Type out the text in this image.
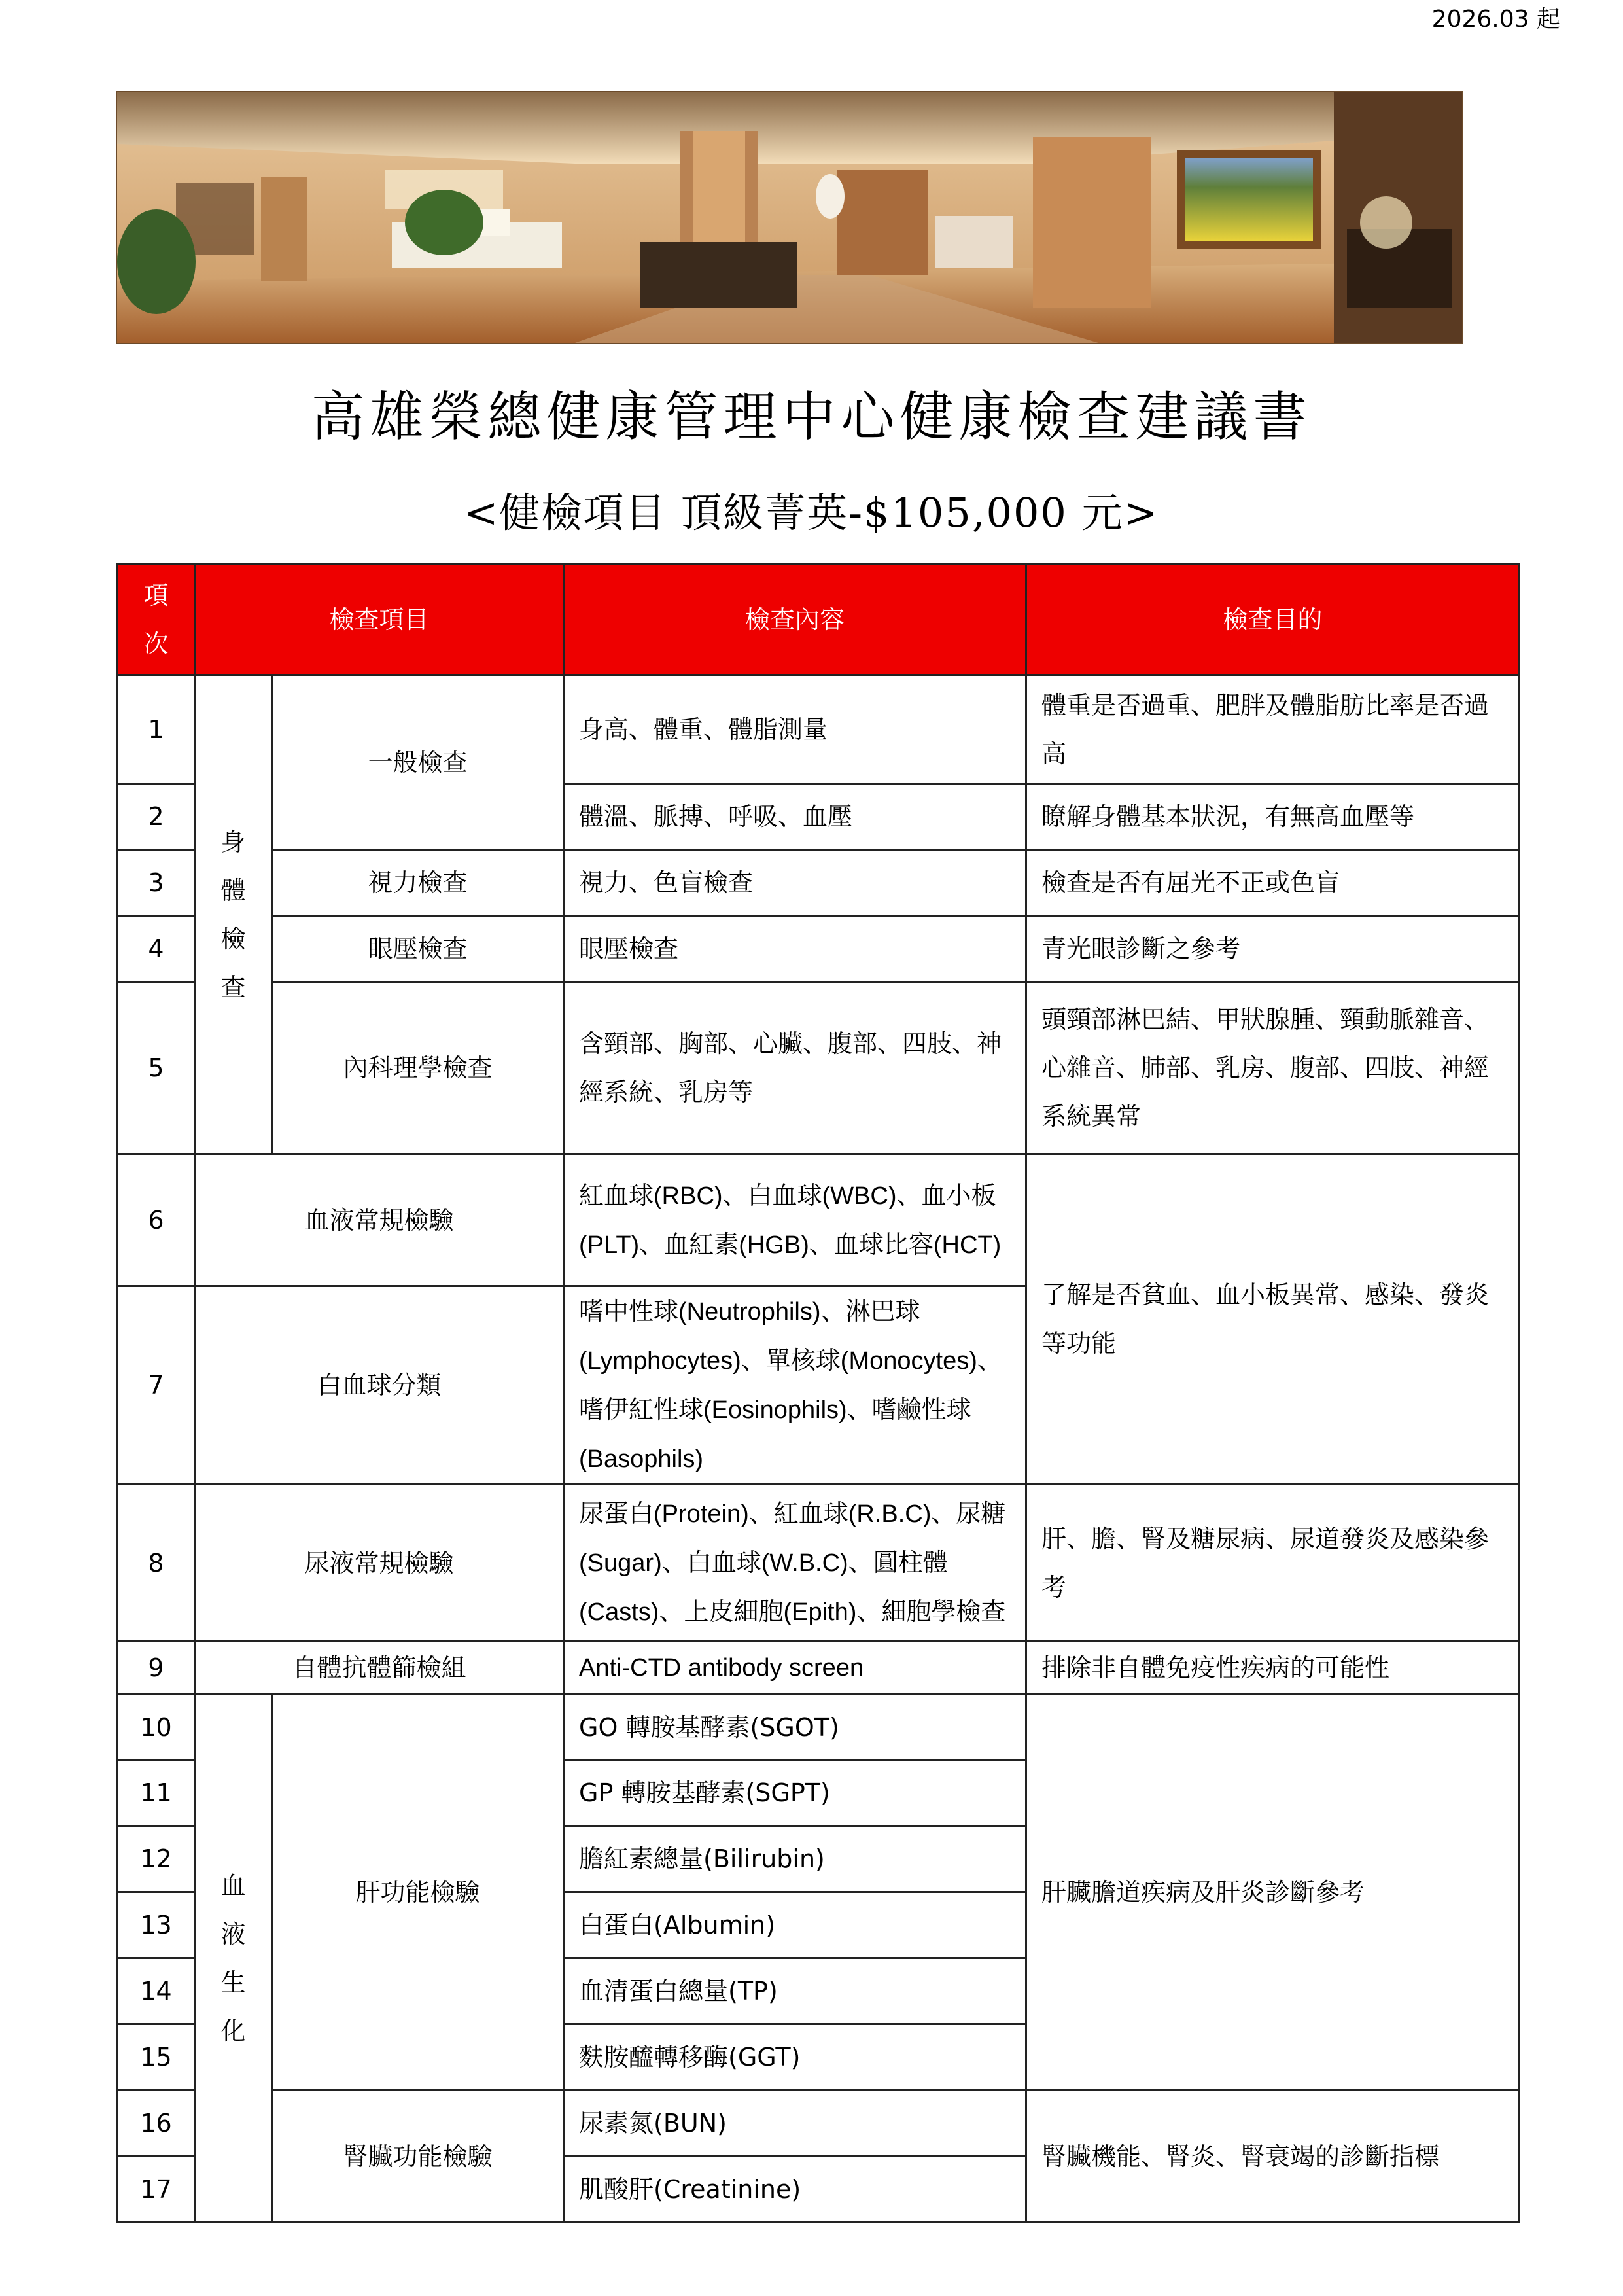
2026.03 起
高雄榮總健康管理中心健康檢查建議書
<健檢項目 頂級菁英-$105,000 元>
項次	檢查項目		檢查內容	檢查目的
1	身體檢查	一般檢查	身高、體重、體脂測量	體重是否過重、肥胖及體脂肪比率是否過高
2			體溫、脈搏、呼吸、血壓	瞭解身體基本狀況，有無高血壓等
3		視力檢查	視力、色盲檢查	檢查是否有屈光不正或色盲
4		眼壓檢查	眼壓檢查	青光眼診斷之參考
5		內科理學檢查	含頸部、胸部、心臟、腹部、四肢、神經系統、乳房等	頭頸部淋巴結、甲狀腺腫、頸動脈雜音、心雜音、肺部、乳房、腹部、四肢、神經系統異常
6	血液常規檢驗		紅血球(RBC)、白血球(WBC)、血小板(PLT)、血紅素(HGB)、血球比容(HCT)	了解是否貧血、血小板異常、感染、發炎等功能
7	白血球分類		嗜中性球(Neutrophils)、淋巴球(Lymphocytes)、單核球(Monocytes)、嗜伊紅性球(Eosinophils)、嗜鹼性球(Basophils)	
8	尿液常規檢驗		尿蛋白(Protein)、紅血球(R.B.C)、尿糖(Sugar)、白血球(W.B.C)、圓柱體(Casts)、上皮細胞(Epith)、細胞學檢查	肝、膽、腎及糖尿病、尿道發炎及感染參考
9	自體抗體篩檢組		Anti-CTD antibody screen	排除非自體免疫性疾病的可能性
10	血液生化	肝功能檢驗	GO 轉胺基酵素(SGOT)	肝臟膽道疾病及肝炎診斷參考
11			GP 轉胺基酵素(SGPT)	
12			膽紅素總量(Bilirubin)	
13			白蛋白(Albumin)	
14			血清蛋白總量(TP)	
15			麩胺醯轉移酶(GGT)	
16		腎臟功能檢驗	尿素氮(BUN)	腎臟機能、腎炎、腎衰竭的診斷指標
17			肌酸肝(Creatinine)	
